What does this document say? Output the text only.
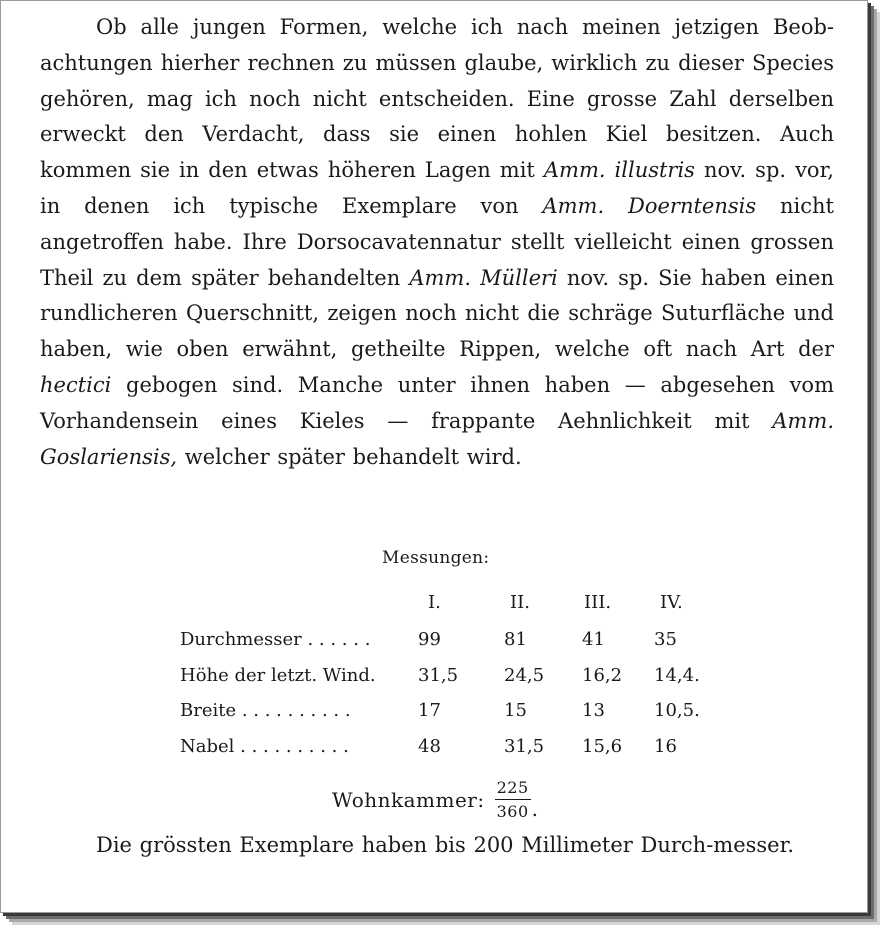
Ob alle jungen Formen, welche ich nach meinen jetzigen Beob- achtungen hierher rechnen zu müssen glaube, wirklich zu dieser Species gehören, mag ich noch nicht entscheiden. Eine grosse Zahl derselben erweckt den Verdacht, dass sie einen hohlen Kiel besitzen. Auch kommen sie in den etwas höheren Lagen mit Amm. illustris nov. sp. vor, in denen ich typische Exemplare von Amm. Doerntensis nicht angetroffen habe. Ihre Dorsocavatennatur stellt vielleicht einen grossen Theil zu dem später behandelten Amm. Mülleri nov. sp. Sie haben einen rundlicheren Querschnitt, zeigen noch nicht die schräge Suturfläche und haben, wie oben erwähnt, getheilte Rippen, welche oft nach Art der hectici gebogen sind. Manche unter ihnen haben — abgesehen vom Vorhandensein eines Kieles — frappante Aehnlichkeit mit Amm. Goslariensis, welcher später behandelt wird.

Messungen:
	I.	II.	III.	IV.
Durchmesser . . . . . .	99	81	41	35
Höhe der letzt. Wind.	31,5	24,5	16,2	14,4.
Breite . . . . . . . . . .	17	15	13	10,5.
Nabel . . . . . . . . . .	48	31,5	15,6	16
Wohnkammer: $\frac{225}{360}$ .

Die grössten Exemplare haben bis 200 Millimeter Durch-messer.
